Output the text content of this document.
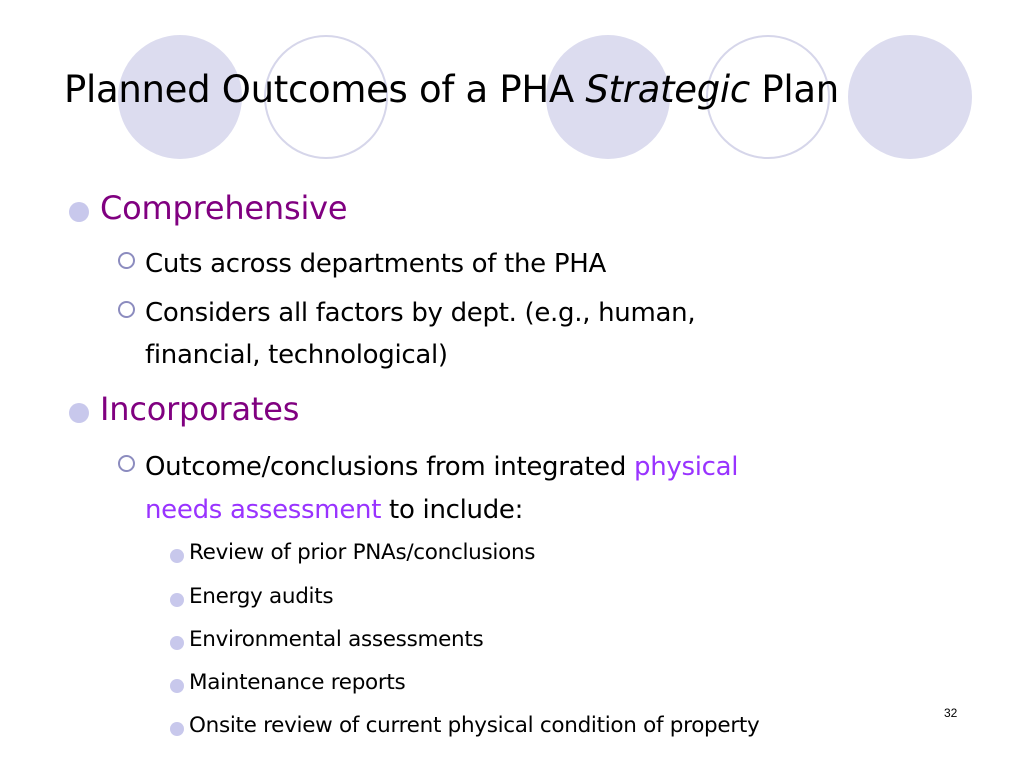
Planned Outcomes of a PHA Strategic Plan
Comprehensive
Cuts across departments of the PHA
Considers all factors by dept. (e.g., human,
financial, technological)
Incorporates
Outcome/conclusions from integrated physical
needs assessment to include:
Review of prior PNAs/conclusions
Energy audits
Environmental assessments
Maintenance reports
Onsite review of current physical condition of property	32
